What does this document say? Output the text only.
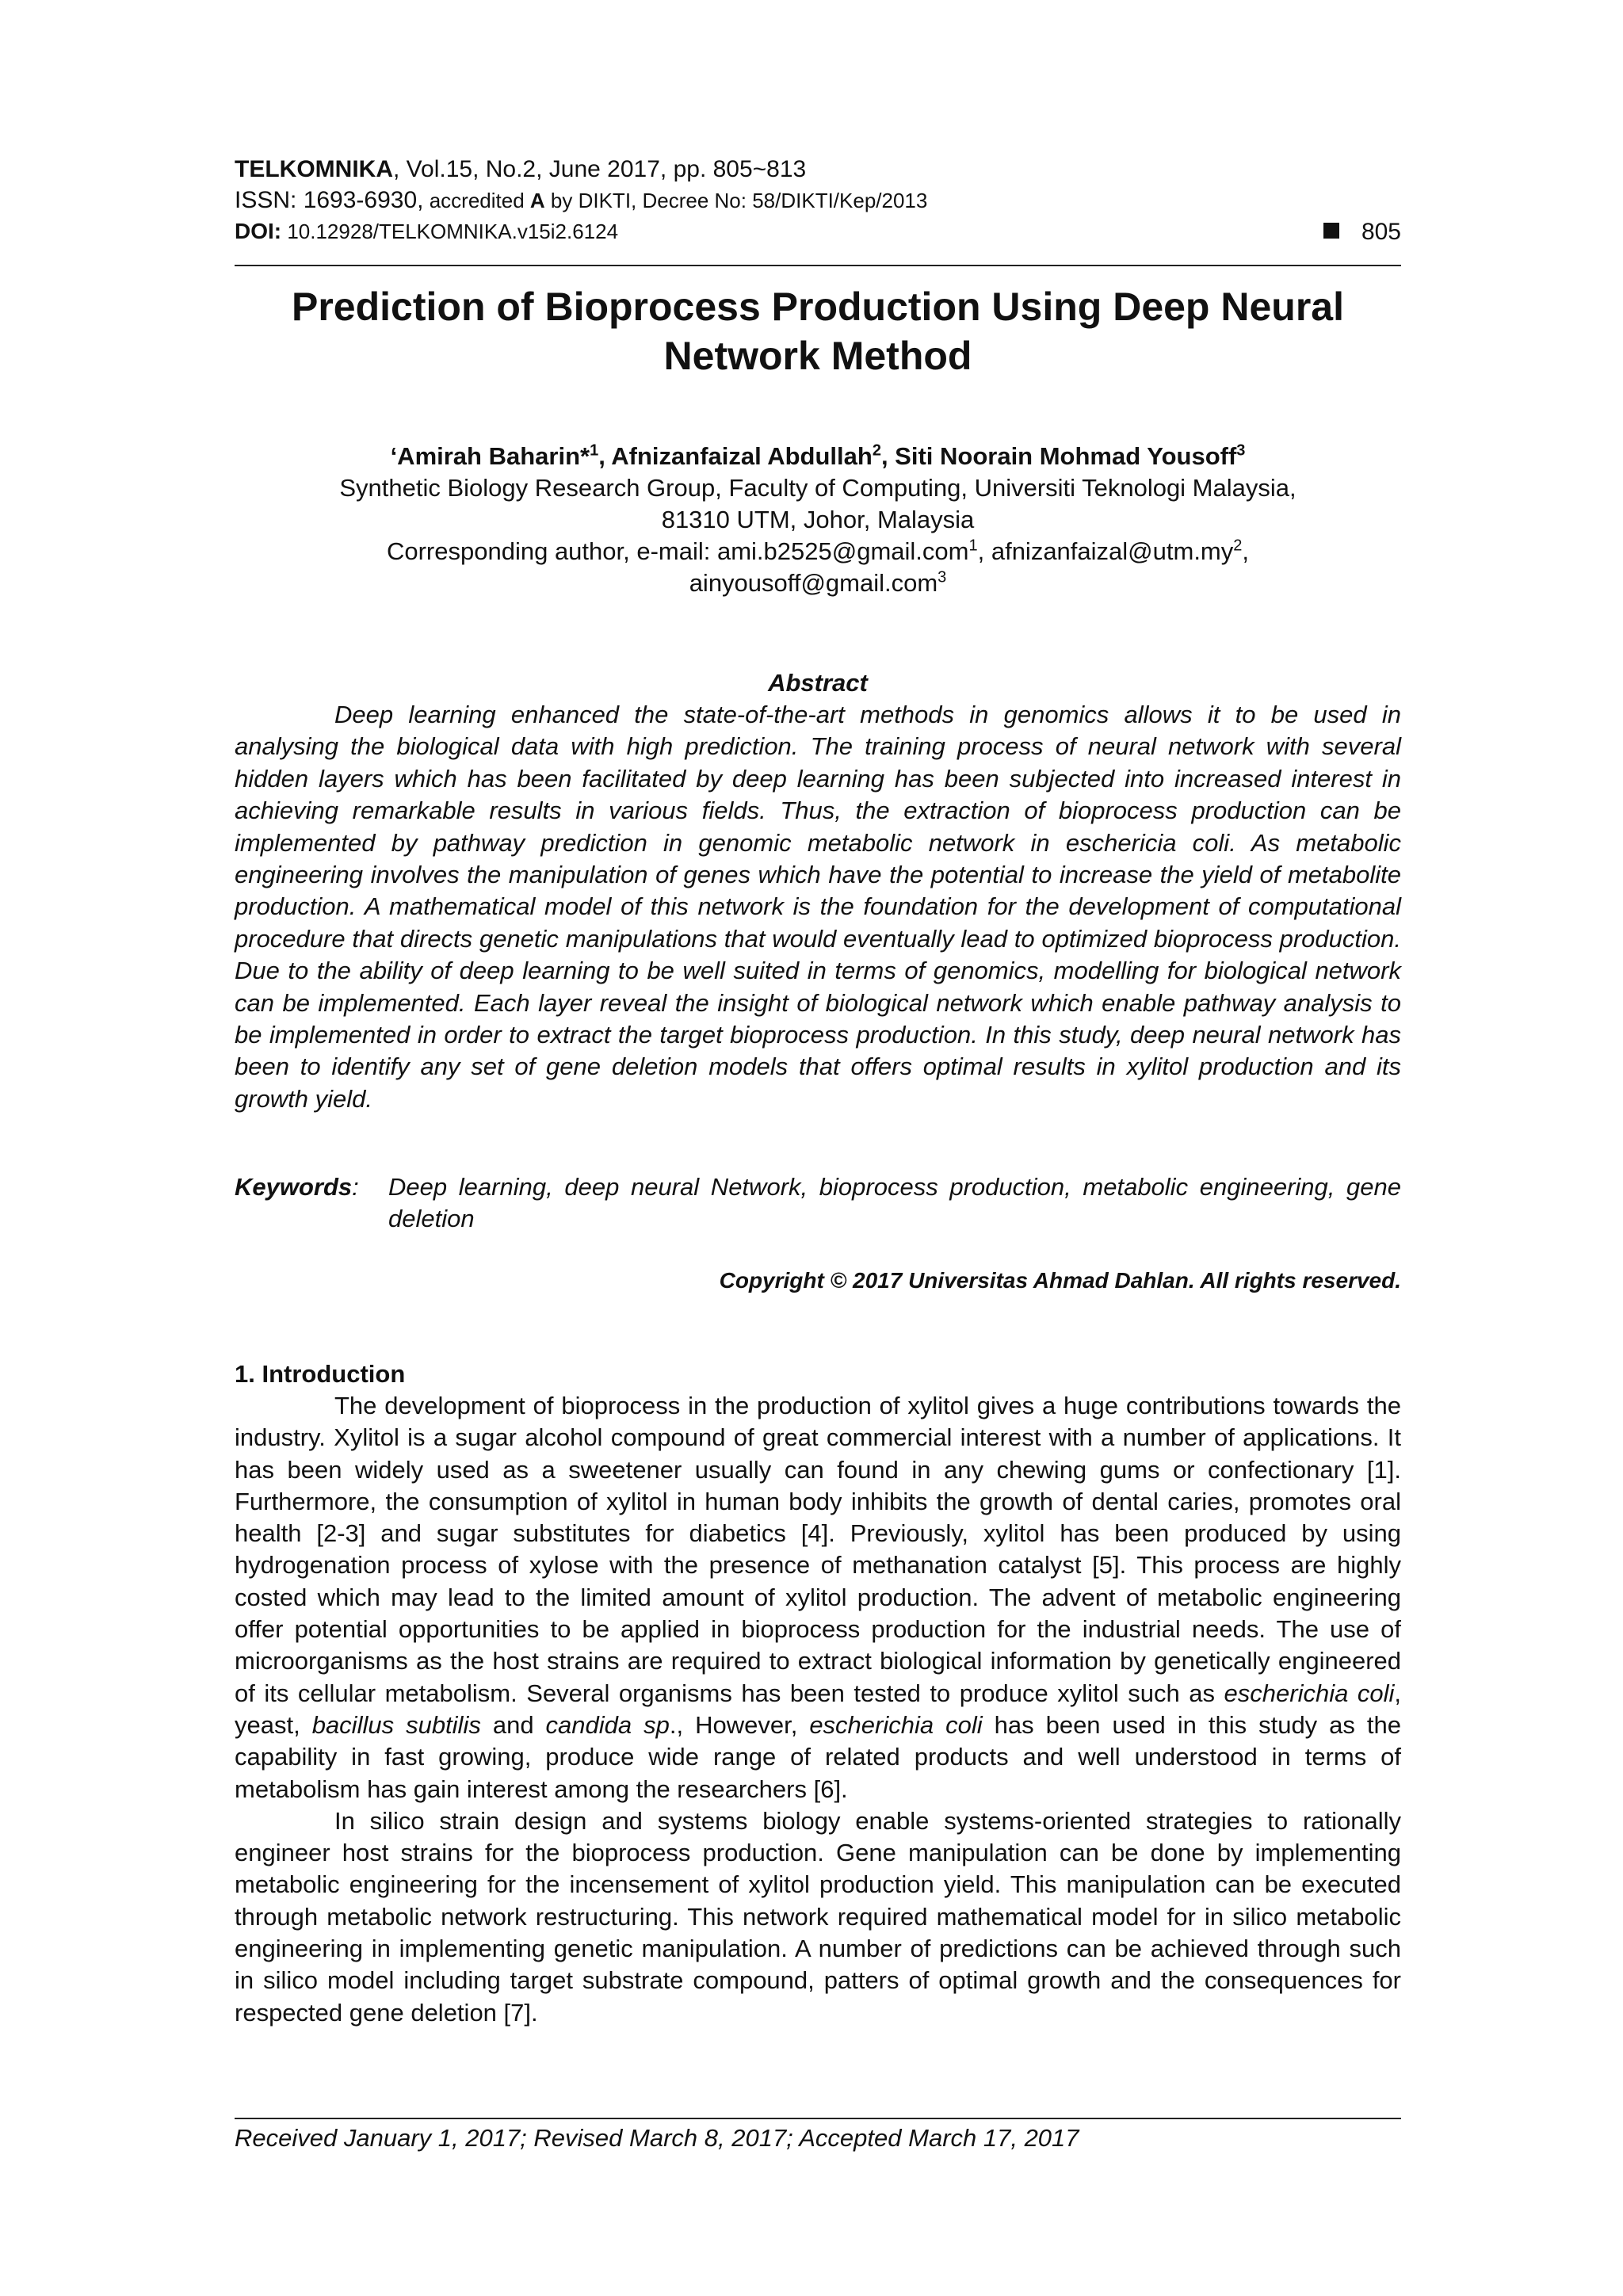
TELKOMNIKA, Vol.15, No.2, June 2017, pp. 805~813
ISSN: 1693-6930, accredited A by DIKTI, Decree No: 58/DIKTI/Kep/2013
DOI: 10.12928/TELKOMNIKA.v15i2.6124	805
Prediction of Bioprocess Production Using Deep Neural
Network Method
‘Amirah Baharin*$^1$, Afnizanfaizal Abdullah$^2$, Siti Noorain Mohmad Yousoff$^3$
Synthetic Biology Research Group, Faculty of Computing, Universiti Teknologi Malaysia,
81310 UTM, Johor, Malaysia
Corresponding author, e-mail: ami.b2525@gmail.com$^1$, $afnizanfaizal@utm.my^2$,
ainyousoff@gmail.com$^3$
Abstract

Deep learning enhanced the state-of-the-art methods in genomics allows it to be used in analysing the biological data with high prediction. The training process of neural network with several hidden layers which has been facilitated by deep learning has been subjected into increased interest in achieving remarkable results in various fields. Thus, the extraction of bioprocess production can be implemented by pathway prediction in genomic metabolic network in eschericia coli. As metabolic engineering involves the manipulation of genes which have the potential to increase the yield of metabolite production. A mathematical model of this network is the foundation for the development of computational procedure that directs genetic manipulations that would eventually lead to optimized bioprocess production. Due to the ability of deep learning to be well suited in terms of genomics, modelling for biological network can be implemented. Each layer reveal the insight of biological network which enable pathway analysis to be implemented in order to extract the target bioprocess production. In this study, deep neural network has been to identify any set of gene deletion models that offers optimal results in xylitol production and its growth yield.

Keywords: Deep learning, deep neural Network, bioprocess production, metabolic engineering, gene deletion
Copyright © 2017 Universitas Ahmad Dahlan. All rights reserved.
1. Introduction

The development of bioprocess in the production of xylitol gives a huge contributions towards the industry. Xylitol is a sugar alcohol compound of great commercial interest with a number of applications. It has been widely used as a sweetener usually can found in any chewing gums or confectionary [1]. Furthermore, the consumption of xylitol in human body inhibits the growth of dental caries, promotes oral health [2-3] and sugar substitutes for diabetics [4]. Previously, xylitol has been produced by using hydrogenation process of xylose with the presence of methanation catalyst [5]. This process are highly costed which may lead to the limited amount of xylitol production. The advent of metabolic engineering offer potential opportunities to be applied in bioprocess production for the industrial needs. The use of microorganisms as the host strains are required to extract biological information by genetically engineered of its cellular metabolism. Several organisms has been tested to produce xylitol such as escherichia coli, yeast, bacillus subtilis and candida sp., However, escherichia coli has been used in this study as the capability in fast growing, produce wide range of related products and well understood in terms of metabolism has gain interest among the researchers [6].

In silico strain design and systems biology enable systems-oriented strategies to rationally engineer host strains for the bioprocess production. Gene manipulation can be done by implementing metabolic engineering for the incensement of xylitol production yield. This manipulation can be executed through metabolic network restructuring. This network required mathematical model for in silico metabolic engineering in implementing genetic manipulation. A number of predictions can be achieved through such in silico model including target substrate compound, patters of optimal growth and the consequences for respected gene deletion [7].

Received January 1, 2017; Revised March 8, 2017; Accepted March 17, 2017
